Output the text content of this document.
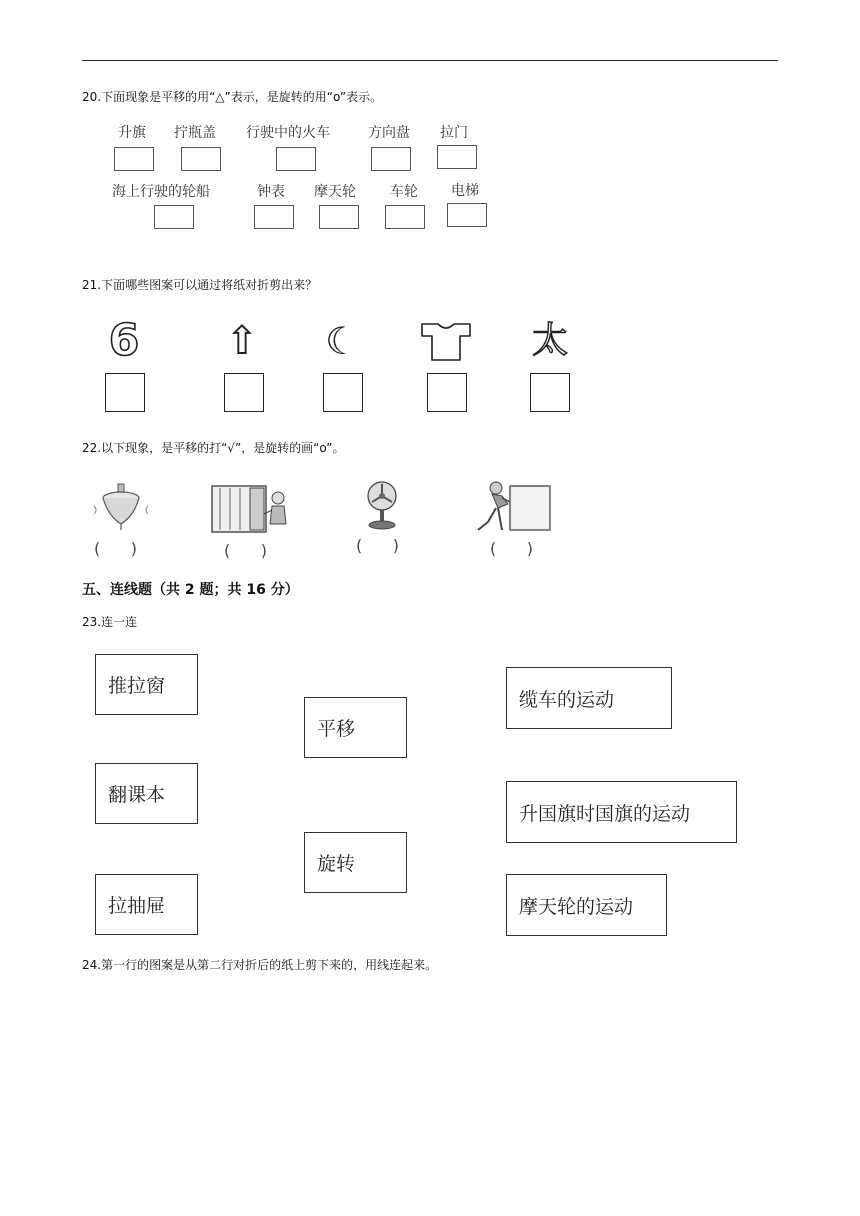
20.下面现象是平移的用“△”表示，是旋转的用“o”表示。
升旗 拧瓶盖 行驶中的火车	方向盘 拉门
海上行驶的轮船	钟表 摩天轮 车轮 电梯
21.下面哪些图案可以通过将纸对折剪出来？
6 ⇧ ☾	太
22.以下现象，是平移的打“√”，是旋转的画“o”。
(      )	(      )	(      )	(      )
五、连线题（共 2 题；共 16 分）
23.连一连
推拉窗
翻课本
拉抽屉
平移
旋转
缆车的运动
升国旗时国旗的运动
摩天轮的运动
24.第一行的图案是从第二行对折后的纸上剪下来的，用线连起来。
